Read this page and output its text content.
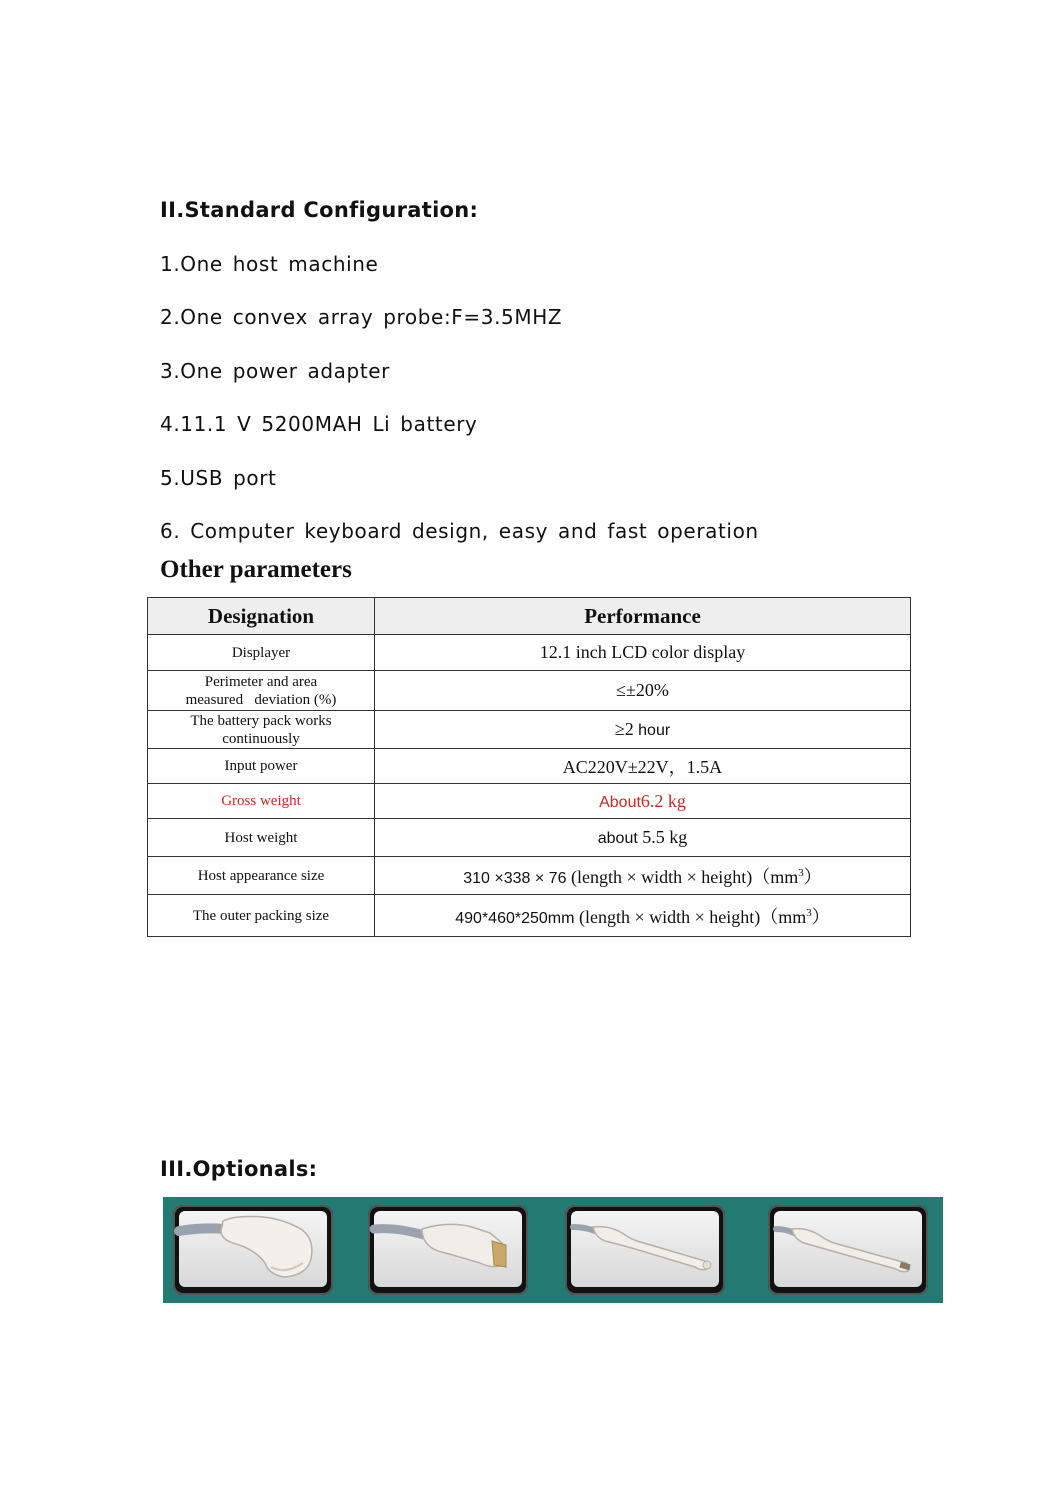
II.Standard Configuration:
1.One host machine
2.One convex array probe:F=3.5MHZ
3.One power adapter
4.11.1 V 5200MAH Li battery
5.USB port
6. Computer keyboard design, easy and fast operation
Other parameters
Designation	Performance
Displayer	12.1 inch LCD color display

Perimeter and area
measured   deviation (%)	≤±20%

The battery pack works
continuously	≥2 hour
Input power	AC220V±22V，1.5A
Gross weight	About6.2 kg
Host weight	about 5.5 kg
Host appearance size	310 ×338 × 76 (length × width × $height)(mm^3)$
The outer packing size	490*460*250mm (length × width × $height)(mm^3)$
III.Optionals:
